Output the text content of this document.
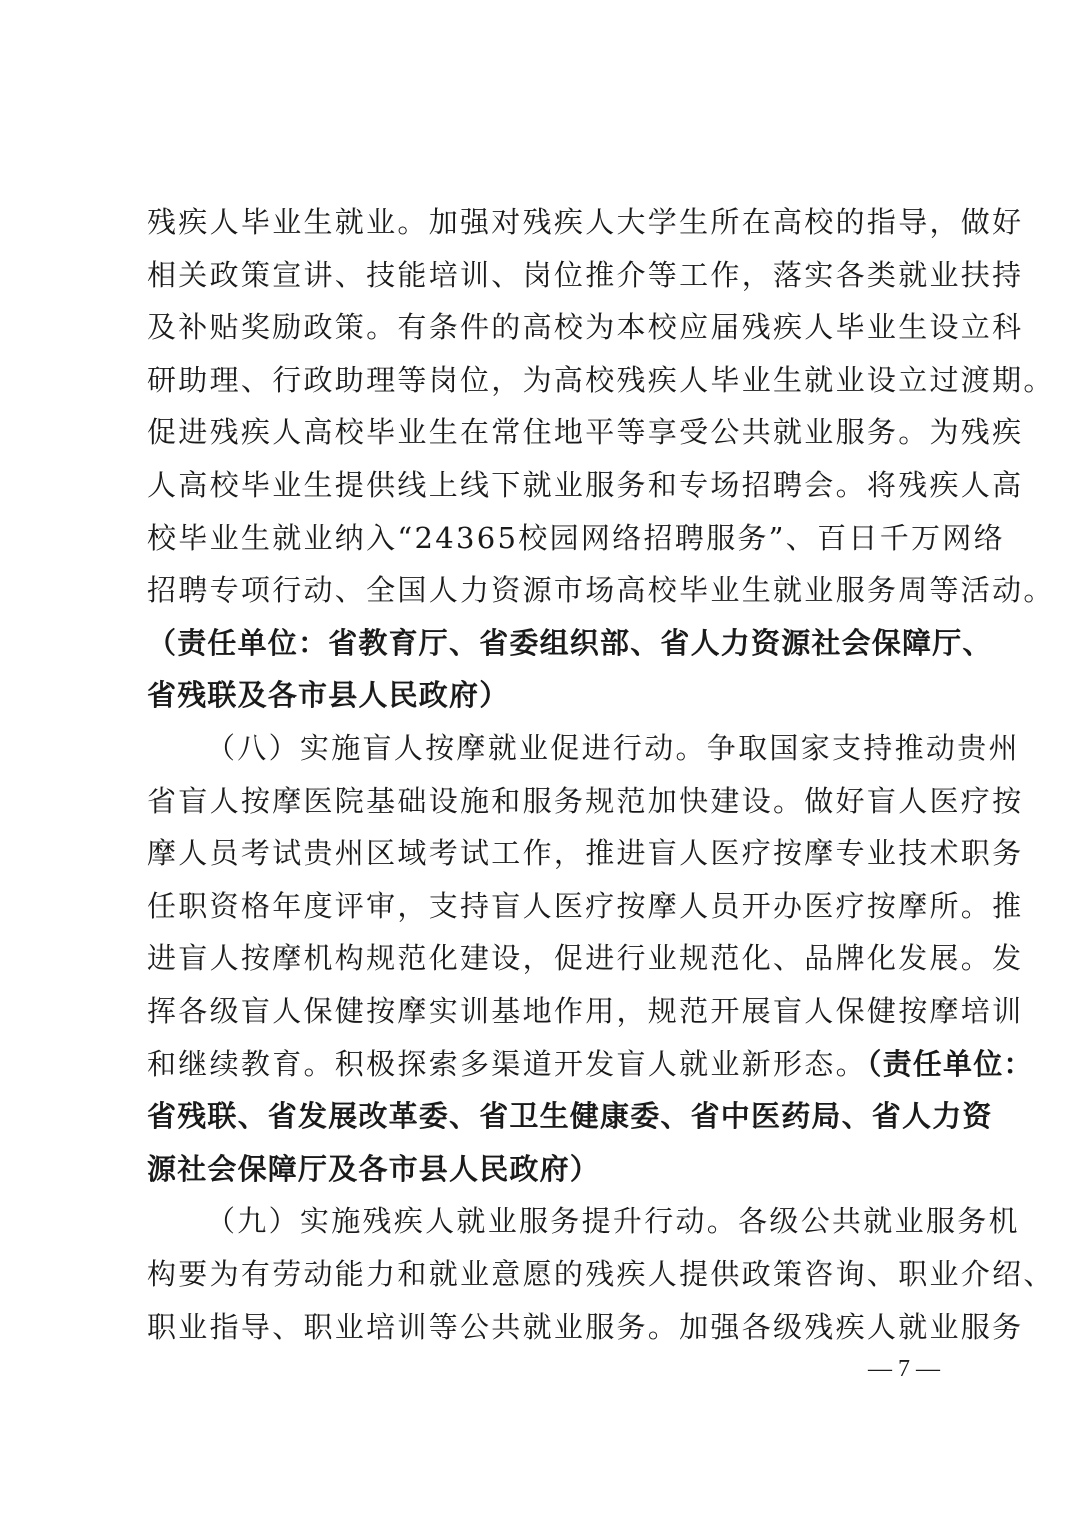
残疾人毕业生就业。加强对残疾人大学生所在高校的指导，做好
相关政策宣讲、技能培训、岗位推介等工作，落实各类就业扶持
及补贴奖励政策。有条件的高校为本校应届残疾人毕业生设立科
研助理、行政助理等岗位，为高校残疾人毕业生就业设立过渡期。
促进残疾人高校毕业生在常住地平等享受公共就业服务。为残疾
人高校毕业生提供线上线下就业服务和专场招聘会。将残疾人高
校毕业生就业纳入“24365校园网络招聘服务”、百日千万网络
招聘专项行动、全国人力资源市场高校毕业生就业服务周等活动。
（责任单位：省教育厅、省委组织部、省人力资源社会保障厅、
省残联及各市县人民政府）
（八）实施盲人按摩就业促进行动。争取国家支持推动贵州
省盲人按摩医院基础设施和服务规范加快建设。做好盲人医疗按
摩人员考试贵州区域考试工作，推进盲人医疗按摩专业技术职务
任职资格年度评审，支持盲人医疗按摩人员开办医疗按摩所。推
进盲人按摩机构规范化建设，促进行业规范化、品牌化发展。发
挥各级盲人保健按摩实训基地作用，规范开展盲人保健按摩培训
和继续教育。积极探索多渠道开发盲人就业新形态。（责任单位：
省残联、省发展改革委、省卫生健康委、省中医药局、省人力资
源社会保障厅及各市县人民政府）
（九）实施残疾人就业服务提升行动。各级公共就业服务机
构要为有劳动能力和就业意愿的残疾人提供政策咨询、职业介绍、
职业指导、职业培训等公共就业服务。加强各级残疾人就业服务
— 7 —
